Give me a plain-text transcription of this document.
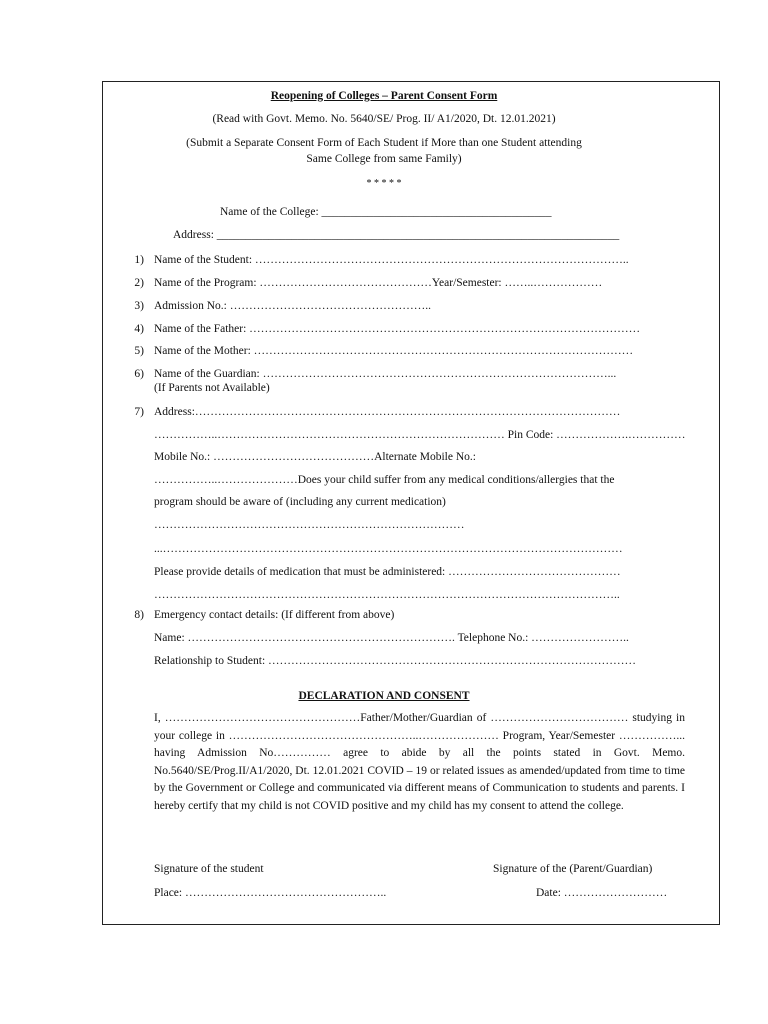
Reopening of Colleges – Parent Consent Form
(Read with Govt. Memo. No. 5640/SE/ Prog. II/ A1/2020, Dt. 12.01.2021)
(Submit a Separate Consent Form of Each Student if More than one Student attending
Same College from same Family)
* * * * *
Name of the College: ________________________________________
Address: ______________________________________________________________________
1) Name of the Student: ……………………………………………………………………………………..
2) Name of the Program: ………………………………………Year/Semester: ……..………………
3) Admission No.: ……………………………………………..
4) Name of the Father: …………………………………………………………………………………………
5) Name of the Mother: ………………………………………………………………………………………
6) Name of the Guardian: ………………………………………………………………………………...
(If Parents not Available)
7) Address:…………………………………………………………………………………………………
……………..………………………………………………………………… Pin Code: ……………….……………
Mobile No.: ……………………………………Alternate Mobile No.:
……………..…………………Does your child suffer from any medical conditions/allergies that the
program should be aware of (including any current medication)
………………………………………………………………………
...…………………………………………………………………………………………………………
Please provide details of medication that must be administered: ………………………………………
…………………………………………………………………………………………………………..
8) Emergency contact details: (If different from above)
Name: ……………………………………………………………. Telephone No.: ……………………..
Relationship to Student: ……………………………………………………………………………………
DECLARATION AND CONSENT
I, ……………………………………………Father/Mother/Guardian of ……………………………… studying in your college in …………………………………………..………………… Program, Year/Semester ……………... having Admission No…………… agree to abide by all the points stated in Govt. Memo. No.5640/SE/Prog.II/A1/2020, Dt. 12.01.2021 COVID – 19 or related issues as amended/updated from time to time by the Government or College and communicated via different means of Communication to students and parents. I hereby certify that my child is not COVID positive and my child has my consent to attend the college.
Signature of the student	Signature of the (Parent/Guardian)
Place: ……………………………………………..	Date: ………………………
